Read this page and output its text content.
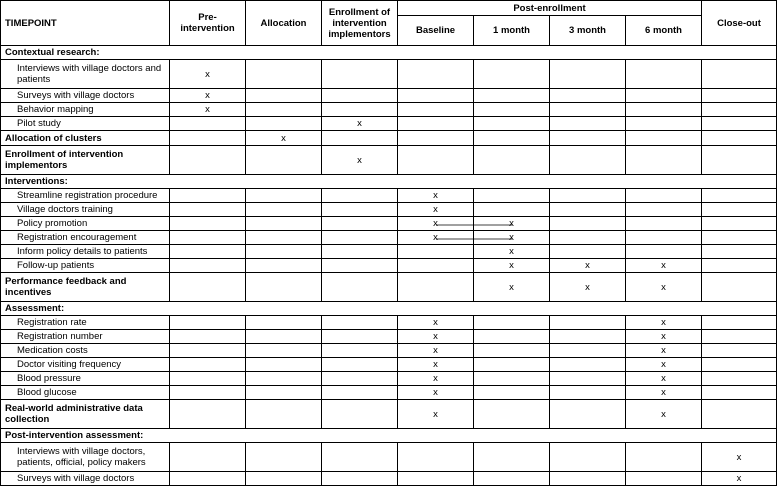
TIMEPOINT	Pre-intervention	Allocation	Enrollment of intervention implementors	Post-enrollment				Close-out
				Baseline	1 month	3 month	6 month	
Contextual research:								
Interviews with village doctors and patients	x							
Surveys with village doctors	x							
Behavior mapping	x							
Pilot study			x					
Allocation of clusters		x						
Enrollment of intervention implementors			x					
Interventions:								
Streamline registration procedure				x				
Village doctors training				x				
Policy promotion				x	x			
Registration encouragement				x	x			
Inform policy details to patients					x			
Follow-up patients					x	x	x	
Performance feedback and incentives					x	x	x	
Assessment:								
Registration rate				x			x	
Registration number				x			x	
Medication costs				x			x	
Doctor visiting frequency				x			x	
Blood pressure				x			x	
Blood glucose				x			x	
Real-world administrative data collection				x			x	
Post-intervention assessment:								
Interviews with village doctors, patients, official, policy makers								x
Surveys with village doctors								x
